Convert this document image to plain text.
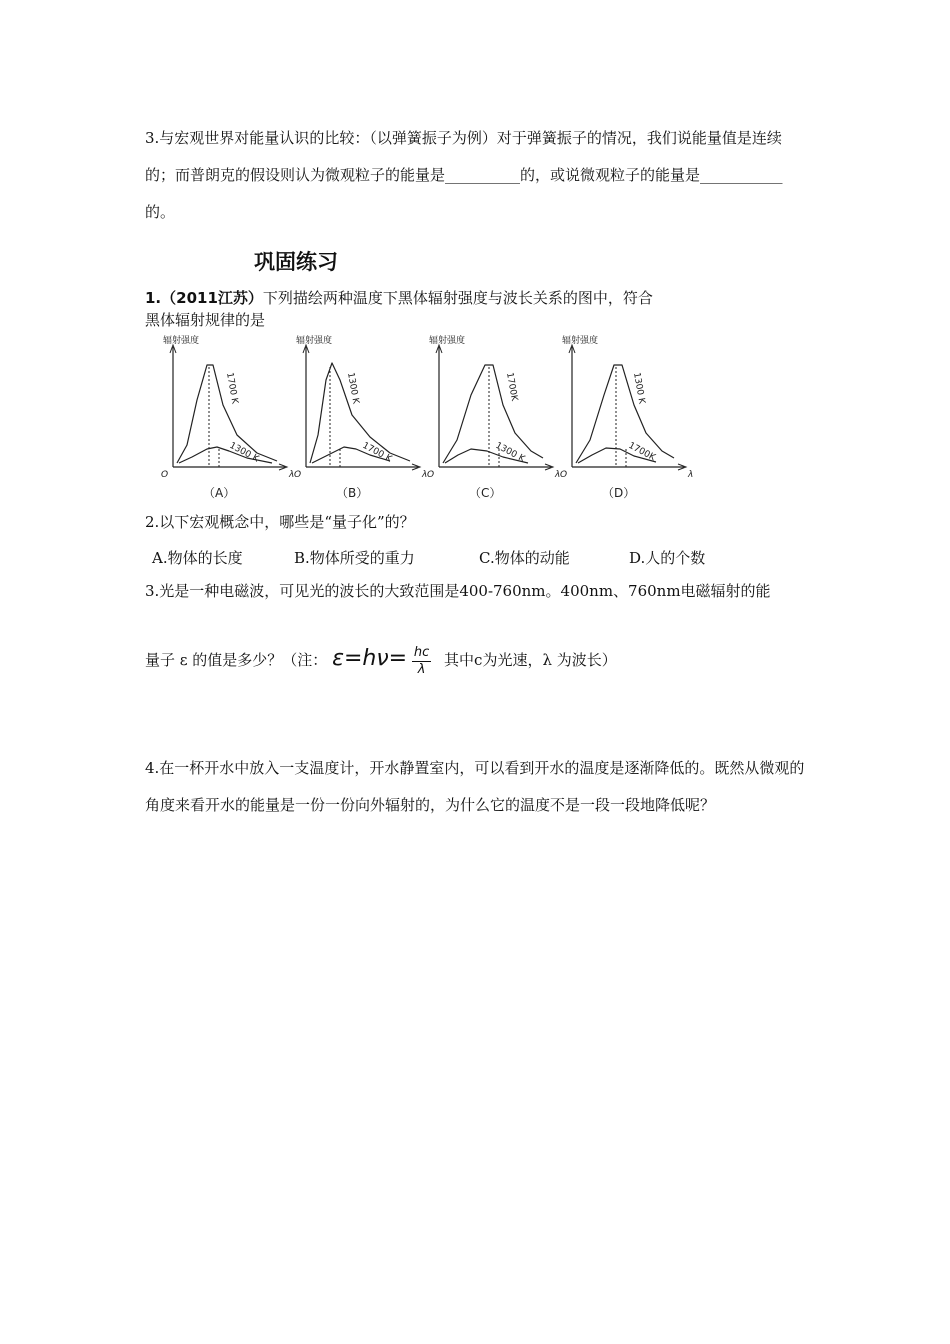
3.与宏观世界对能量认识的比较：（以弹簧振子为例）对于弹簧振子的情况，我们说能量值是连续的；而普朗克的假设则认为微观粒子的能量是__________的，或说微观粒子的能量是___________的。

巩固练习
1.（2011江苏）下列描绘两种温度下黑体辐射强度与波长关系的图中，符合黑体辐射规律的是
辐射强度
O	λ
1700 K
1300 K
（A）
辐射强度
O	λ
1300 K
1700 K
（B）
辐射强度
O	λ
1700K
1300 K
（C）
辐射强度
O	λ
1300 K
1700K
（D）
2.以下宏观概念中，哪些是“量子化”的？
A.物体的长度	B.物体所受的重力	C.物体的动能	D.人的个数
3.光是一种电磁波，可见光的波长的大致范围是400-760nm。400nm、760nm电磁辐射的能
量子 ε 的值是多少？（注： $\varepsilon=h\nu= \frac{hc}{\lambda}$ 其中c为光速，λ 为波长）

4.在一杯开水中放入一支温度计，开水静置室内，可以看到开水的温度是逐渐降低的。既然从微观的角度来看开水的能量是一份一份向外辐射的，为什么它的温度不是一段一段地降低呢？
